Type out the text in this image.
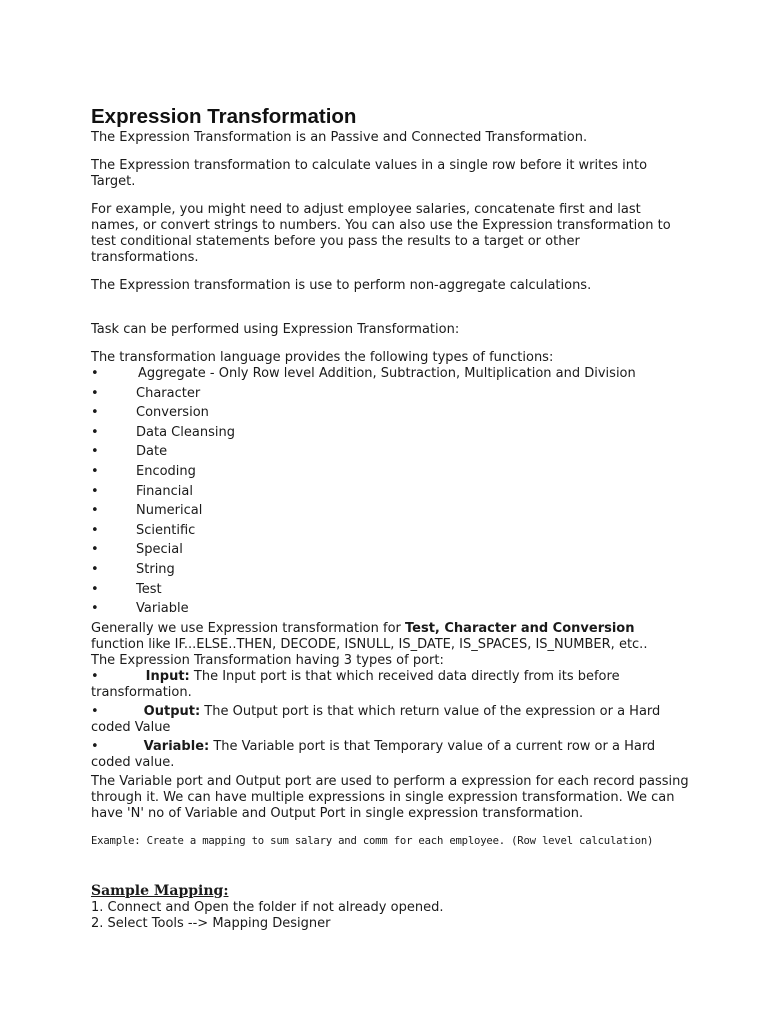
Expression Transformation

The Expression Transformation is an Passive and Connected Transformation.

The Expression transformation to calculate values in a single row before it writes into Target.

For example, you might need to adjust employee salaries, concatenate first and last names, or convert strings to numbers. You can also use the Expression transformation to test conditional statements before you pass the results to a target or other transformations.

The Expression transformation is use to perform non-aggregate calculations.

Task can be performed using Expression Transformation:

The transformation language provides the following types of functions:

•	Aggregate - Only Row level Addition, Subtraction, Multiplication and Division
•	Character
•	Conversion
•	Data Cleansing
•	Date
•	Encoding
•	Financial
•	Numerical
•	Scientific
•	Special
•	String
•	Test
•	Variable

Generally we use Expression transformation for Test, Character and Conversion function like IF...ELSE..THEN, DECODE, ISNULL, IS_DATE, IS_SPACES, IS_NUMBER, etc..

The Expression Transformation having 3 types of port:

•	Input: The Input port is that which received data directly from its before transformation.
•	Output: The Output port is that which return value of the expression or a Hard coded Value
•	Variable: The Variable port is that Temporary value of a current row or a Hard coded value.

The Variable port and Output port are used to perform a expression for each record passing through it. We can have multiple expressions in single expression transformation. We can have 'N' no of Variable and Output Port in single expression transformation.

Example: Create a mapping to sum salary and comm for each employee. (Row level calculation)

Sample Mapping:

1. Connect and Open the folder if not already opened.

2. Select Tools --> Mapping Designer
